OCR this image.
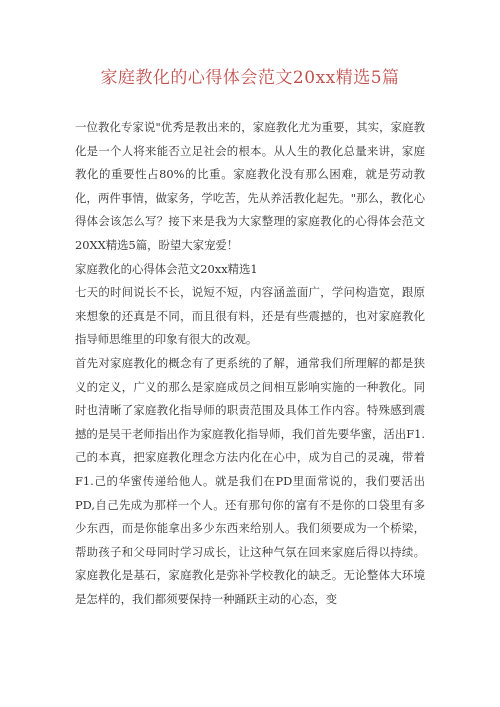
家庭教化的心得体会范文20xx精选5篇

一位教化专家说"优秀是教出来的，家庭教化尤为重要，其实，家庭教化是一个人将来能否立足社会的根本。从人生的教化总量来讲，家庭教化的重要性占80%的比重。家庭教化没有那么困难，就是劳动教化，两件事情，做家务，学吃苦，先从养活教化起先。"那么，教化心得体会该怎么写？接下来是我为大家整理的家庭教化的心得体会范文20XX精选5篇，盼望大家宠爱！

家庭教化的心得体会范文20xx精选1

七天的时间说长不长，说短不短，内容涵盖面广，学问构造宽，跟原来想象的还真是不同，而且很有料，还是有些震撼的，也对家庭教化指导师思维里的印象有很大的改观。

首先对家庭教化的概念有了更系统的了解，通常我们所理解的都是狭义的定义，广义的那么是家庭成员之间相互影响实施的一种教化。同时也清晰了家庭教化指导师的职责范围及具体工作内容。特殊感到震撼的是吴干老师指出作为家庭教化指导师，我们首先要华蜜，活出F1.己的本真，把家庭教化理念方法内化在心中，成为自己的灵魂，带着F1.己的华蜜传递给他人。就是我们在PD里面常说的，我们要活出PD,自己先成为那样一个人。还有那句你的富有不是你的口袋里有多少东西，而是你能拿出多少东西来给别人。我们须要成为一个桥梁，帮助孩子和父母同时学习成长，让这种气氛在回来家庭后得以持续。家庭教化是基石，家庭教化是弥补学校教化的缺乏。无论整体大环境是怎样的，我们都须要保持一种踊跃主动的心态，变
